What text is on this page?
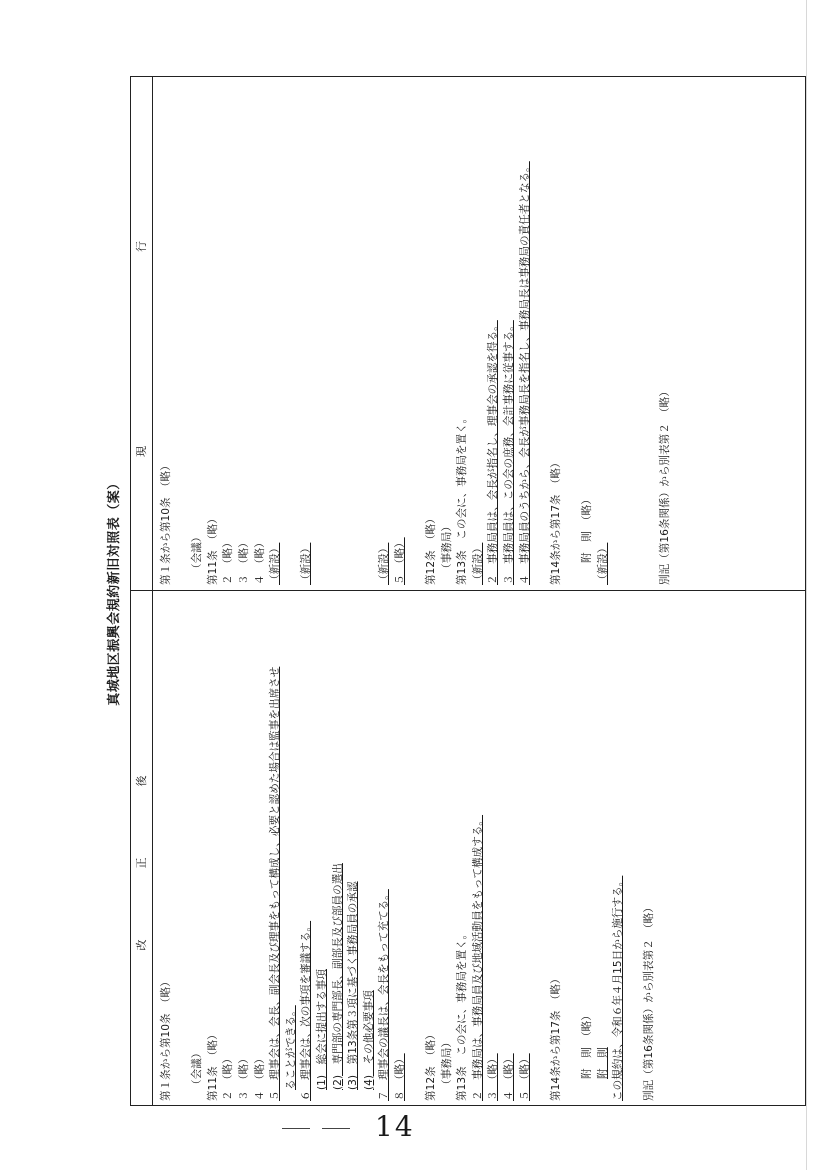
真城地区振興会規約新旧対照表（案）
改　正　後
現　　　　行
第１条から第10条　（略） （会議） 第11条　（略） ２　（略） ３　（略） ４　（略） ５　理事会は、会長、副会長及び理事をもって構成し、必要と認めた場合は監事を出席させ ることができる。 ６　理事会は、次の事項を審議する。 (1)　総会に提出する事項 (2)　専門部の専門部長、副部長及び部員の選出 (3)　第13条第３項に基づく事務局員の承認 (4)　その他必要事項 ７　理事会の議長は、会長をもって充てる。 ８　（略） 第12条　（略） （事務局） 第13条　この会に、事務局を置く。 ２　事務局は、事務局員及び地域活動員をもって構成する。 ３　（略） ４　（略） ５　（略） 第14条から第17条　（略） 附　則　（略） 附　則 この規約は、令和６年４月15日から施行する。 別記（第16条関係）から別表第２　（略）
第１条から第10条　（略） （会議） 第11条　（略） ２　（略） ３　（略） ４　（略） （新設） （新設）	（新設） ５　（略） 第12条　（略） （事務局） 第13条　この会に、事務局を置く。 （新設） ２　事務局員は、会長が指名し、理事会の承認を得る。 ３　事務局員は、この会の庶務、会計事務に従事する。 ４　事務局員のうちから、会長が事務局長を指名し、事務局長は事務局の責任者となる。 第14条から第17条　（略） 附　則　（略）
（新設）	別記（第16条関係）から別表第２　（略）
14
